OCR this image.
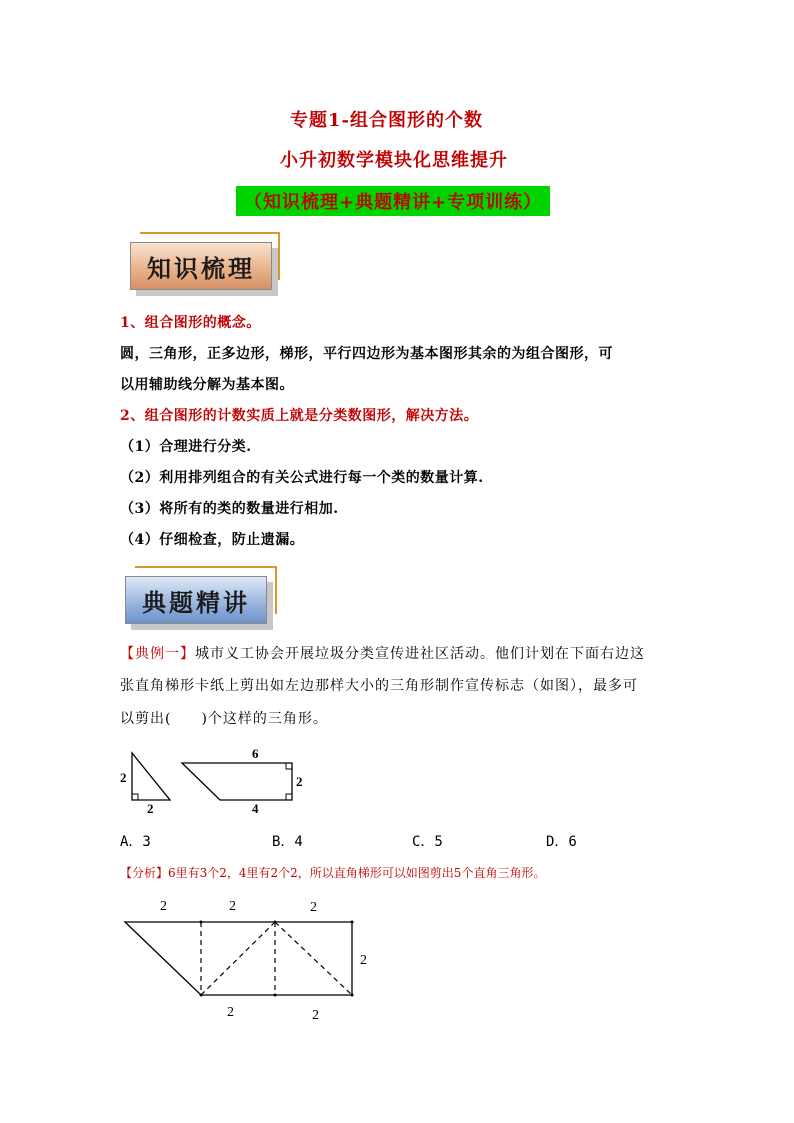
专题1-组合图形的个数
小升初数学模块化思维提升
（知识梳理+典题精讲+专项训练）
知识梳理
1、组合图形的概念。
圆，三角形，正多边形，梯形，平行四边形为基本图形其余的为组合图形，可
以用辅助线分解为基本图。
2、组合图形的计数实质上就是分类数图形，解决方法。
（1）合理进行分类.
（2）利用排列组合的有关公式进行每一个类的数量计算.
（3）将所有的类的数量进行相加.
（4）仔细检查，防止遗漏。
典题精讲
【典例一】城市义工协会开展垃圾分类宣传进社区活动。他们计划在下面右边这
张直角梯形卡纸上剪出如左边那样大小的三角形制作宣传标志（如图），最多可
以剪出(　　)个这样的三角形。
2
2
6
2
4
A．3	B．4	C．5	D．6
【分析】6里有3个2，4里有2个2，所以直角梯形可以如图剪出5个直角三角形。
2	2	2
2
2	2
